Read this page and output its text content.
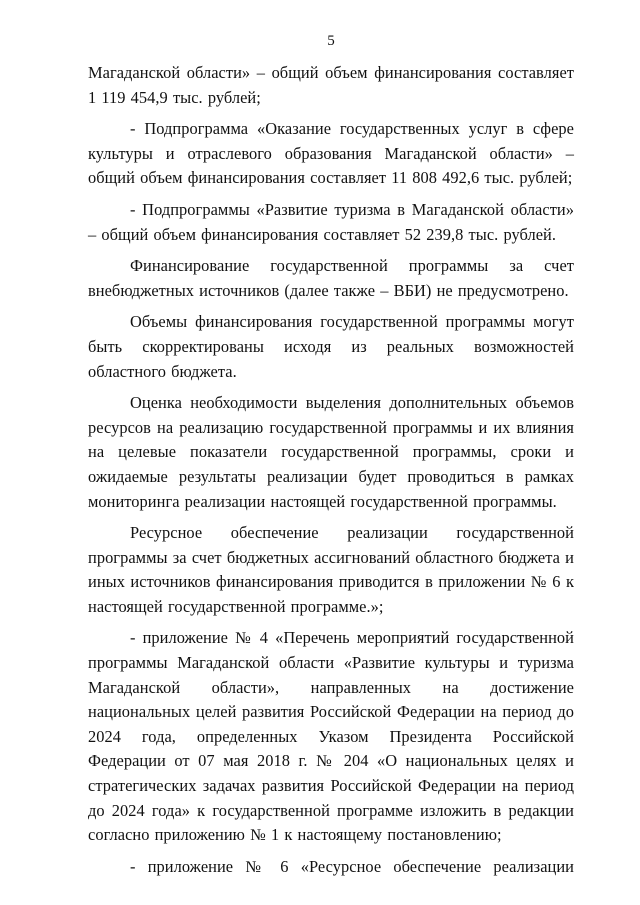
5

Магаданской области» – общий объем финансирования составляет 1 119 454,9 тыс. рублей;

- Подпрограмма «Оказание государственных услуг в сфере культуры и отраслевого образования Магаданской области» – общий объем финансирования составляет 11 808 492,6 тыс. рублей;

- Подпрограммы «Развитие туризма в Магаданской области» – общий объем финансирования составляет 52 239,8 тыс. рублей.

Финансирование государственной программы за счет внебюджетных источников (далее также – ВБИ) не предусмотрено.

Объемы финансирования государственной программы могут быть скорректированы исходя из реальных возможностей областного бюджета.

Оценка необходимости выделения дополнительных объемов ресурсов на реализацию государственной программы и их влияния на целевые показатели государственной программы, сроки и ожидаемые результаты реализации будет проводиться в рамках мониторинга реализации настоящей государственной программы.

Ресурсное обеспечение реализации государственной программы за счет бюджетных ассигнований областного бюджета и иных источников финансирования приводится в приложении № 6 к настоящей государственной программе.»;

- приложение № 4 «Перечень мероприятий государственной программы Магаданской области «Развитие культуры и туризма Магаданской области», направленных на достижение национальных целей развития Российской Федерации на период до 2024 года, определенных Указом Президента Российской Федерации от 07 мая 2018 г. № 204 «О национальных целях и стратегических задачах развития Российской Федерации на период до 2024 года» к государственной программе изложить в редакции согласно приложению № 1 к настоящему постановлению;

- приложение № 6 «Ресурсное обеспечение реализации
